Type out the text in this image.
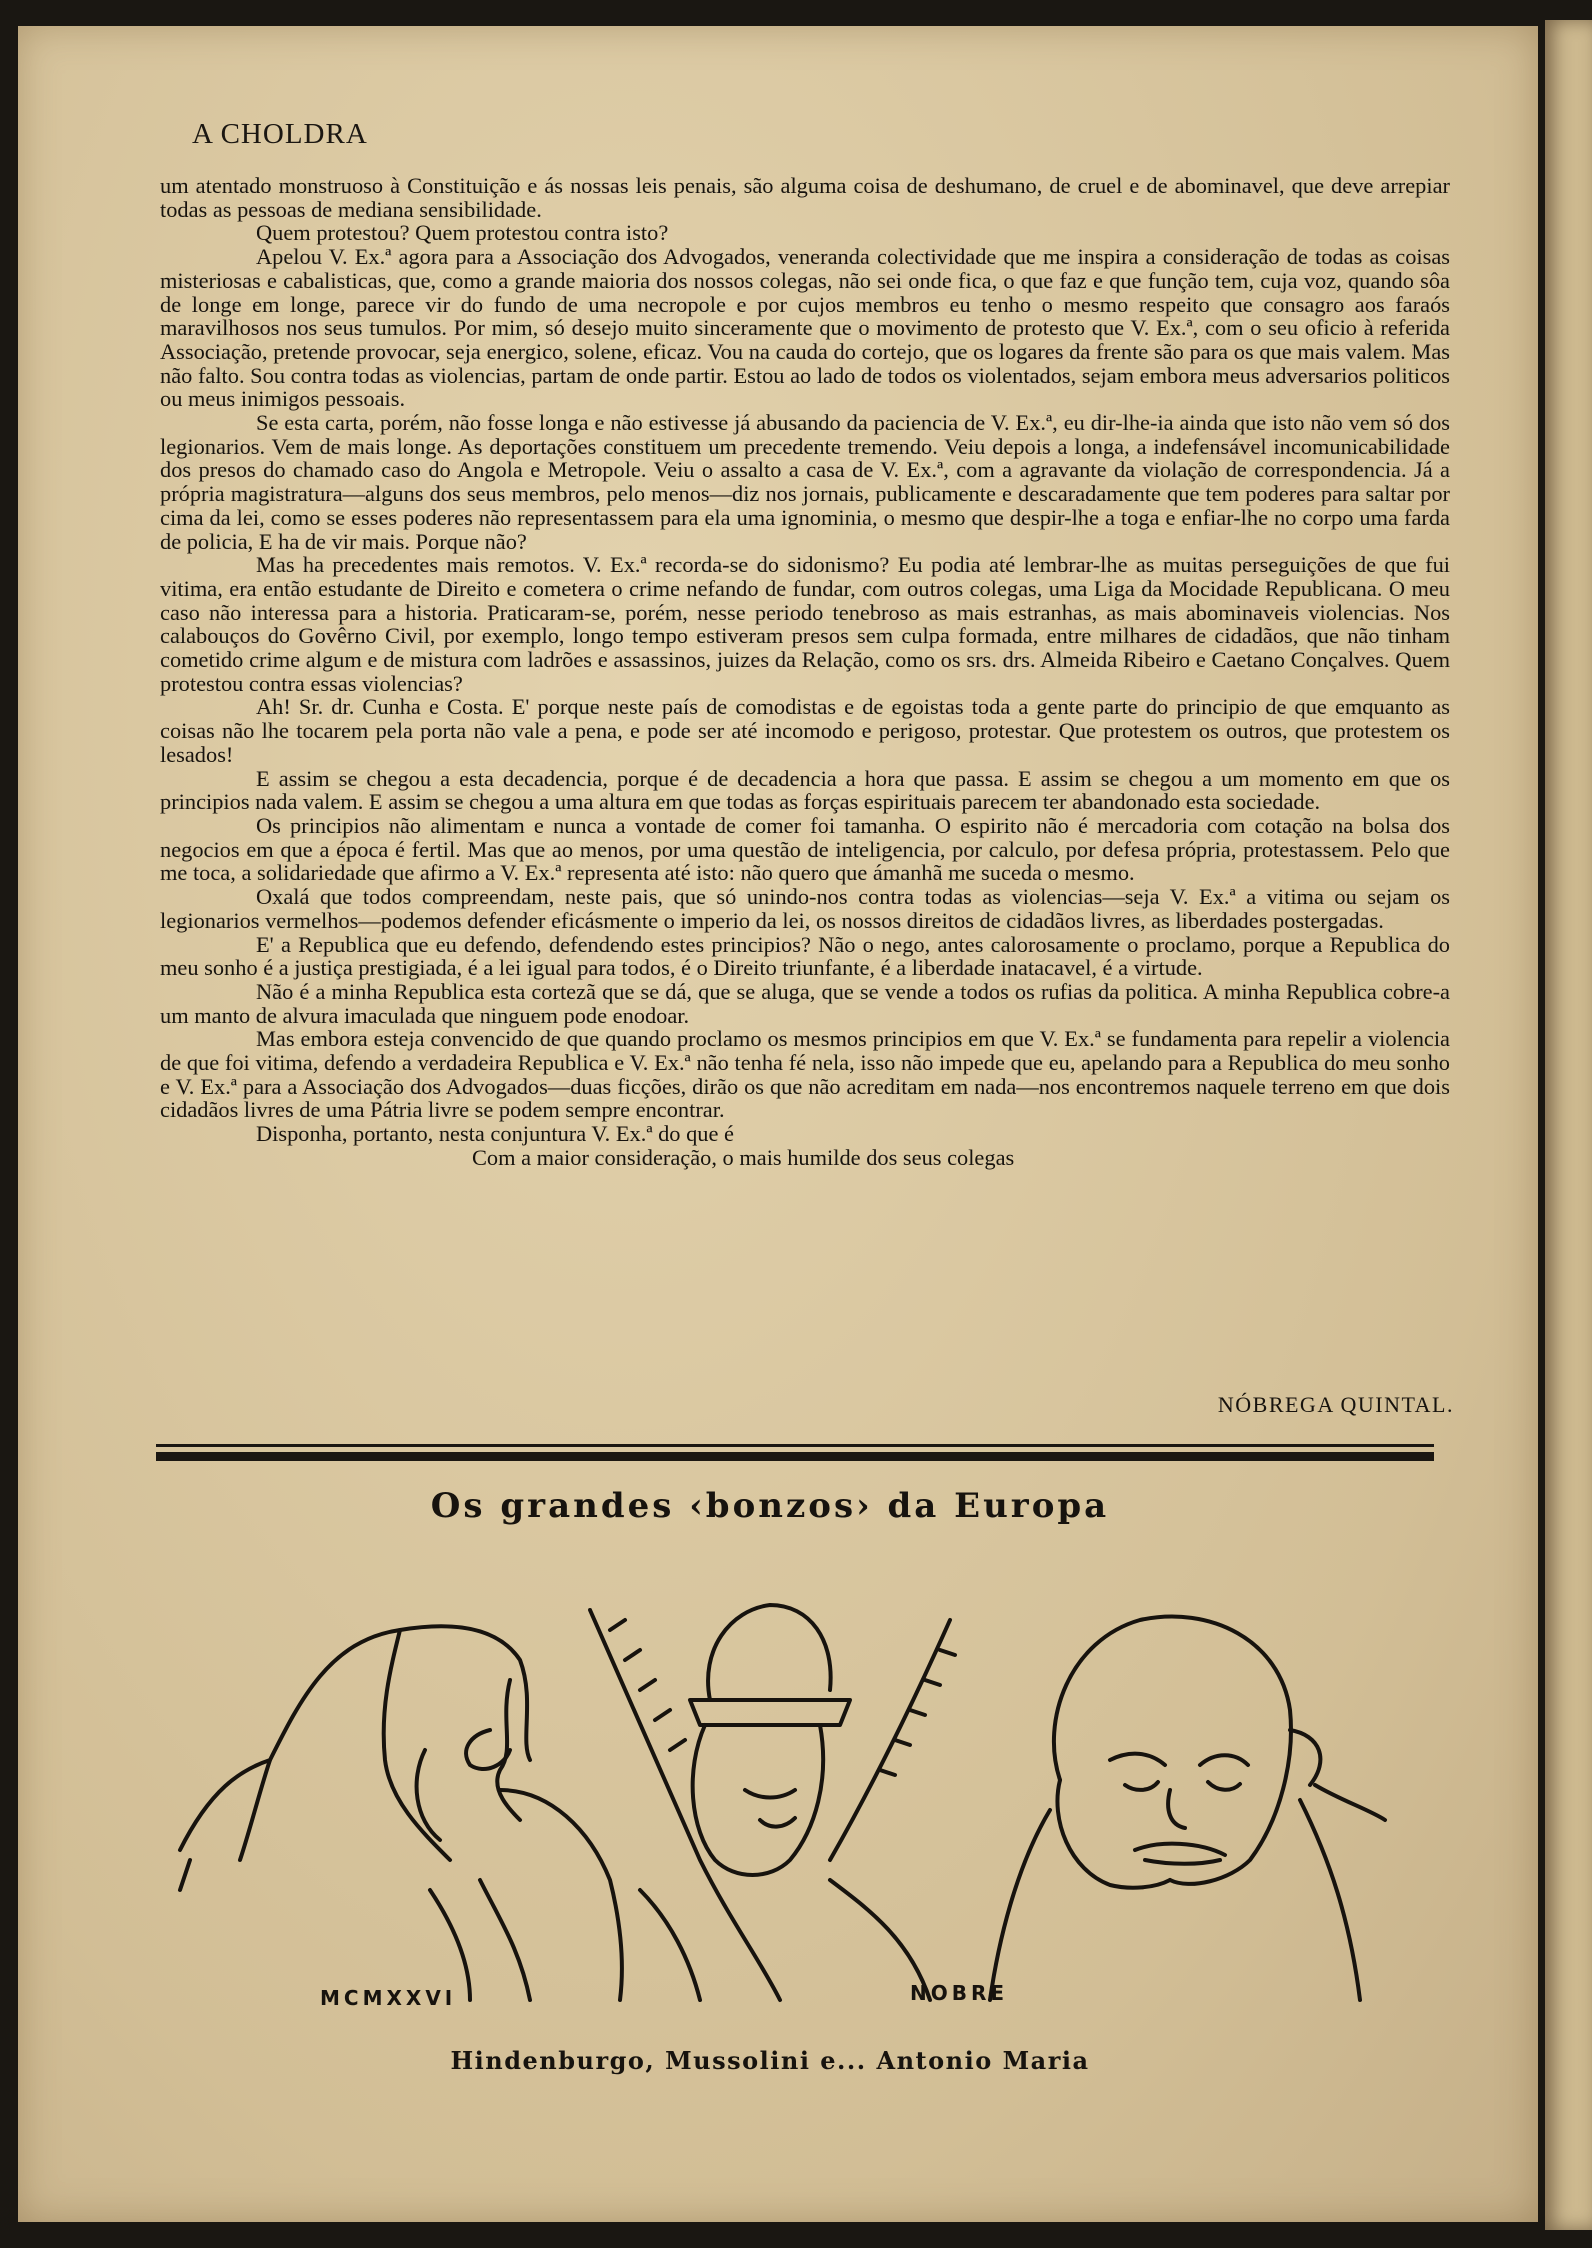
A CHOLDRA

um atentado monstruoso à Constituição e ás nossas leis penais, são alguma coisa de deshumano, de cruel e de abominavel, que deve arrepiar todas as pessoas de mediana sensibilidade.

Quem protestou? Quem protestou contra isto?

Apelou V. Ex.ª agora para a Associação dos Advogados, veneranda colectividade que me inspira a consideração de todas as coisas misteriosas e cabalisticas, que, como a grande maioria dos nossos colegas, não sei onde fica, o que faz e que função tem, cuja voz, quando sôa de longe em longe, parece vir do fundo de uma necropole e por cujos membros eu tenho o mesmo respeito que consagro aos faraós maravilhosos nos seus tumulos. Por mim, só desejo muito sinceramente que o movimento de protesto que V. Ex.ª, com o seu oficio à referida Associação, pretende provocar, seja energico, solene, eficaz. Vou na cauda do cortejo, que os logares da frente são para os que mais valem. Mas não falto. Sou contra todas as violencias, partam de onde partir. Estou ao lado de todos os violentados, sejam embora meus adversarios politicos ou meus inimigos pessoais.

Se esta carta, porém, não fosse longa e não estivesse já abusando da paciencia de V. Ex.ª, eu dir-lhe-ia ainda que isto não vem só dos legionarios. Vem de mais longe. As deportações constituem um precedente tremendo. Veiu depois a longa, a indefensável incomunicabilidade dos presos do chamado caso do Angola e Metropole. Veiu o assalto a casa de V. Ex.ª, com a agravante da violação de correspondencia. Já a própria magistratura—alguns dos seus membros, pelo menos—diz nos jornais, publicamente e descaradamente que tem poderes para saltar por cima da lei, como se esses poderes não representassem para ela uma ignominia, o mesmo que despir-lhe a toga e enfiar-lhe no corpo uma farda de policia, E ha de vir mais. Porque não?

Mas ha precedentes mais remotos. V. Ex.ª recorda-se do sidonismo? Eu podia até lembrar-lhe as muitas perseguições de que fui vitima, era então estudante de Direito e cometera o crime nefando de fundar, com outros colegas, uma Liga da Mocidade Republicana. O meu caso não interessa para a historia. Praticaram-se, porém, nesse periodo tenebroso as mais estranhas, as mais abominaveis violencias. Nos calabouços do Govêrno Civil, por exemplo, longo tempo estiveram presos sem culpa formada, entre milhares de cidadãos, que não tinham cometido crime algum e de mistura com ladrões e assassinos, juizes da Relação, como os srs. drs. Almeida Ribeiro e Caetano Conçalves. Quem protestou contra essas violencias?

Ah! Sr. dr. Cunha e Costa. E' porque neste país de comodistas e de egoistas toda a gente parte do principio de que emquanto as coisas não lhe tocarem pela porta não vale a pena, e pode ser até incomodo e perigoso, protestar. Que protestem os outros, que protestem os lesados!

E assim se chegou a esta decadencia, porque é de decadencia a hora que passa. E assim se chegou a um momento em que os principios nada valem. E assim se chegou a uma altura em que todas as forças espirituais parecem ter abandonado esta sociedade.

Os principios não alimentam e nunca a vontade de comer foi tamanha. O espirito não é mercadoria com cotação na bolsa dos negocios em que a época é fertil. Mas que ao menos, por uma questão de inteligencia, por calculo, por defesa própria, protestassem. Pelo que me toca, a solidariedade que afirmo a V. Ex.ª representa até isto: não quero que ámanhã me suceda o mesmo.

Oxalá que todos compreendam, neste pais, que só unindo-nos contra todas as violencias—seja V. Ex.ª a vitima ou sejam os legionarios vermelhos—podemos defender eficásmente o imperio da lei, os nossos direitos de cidadãos livres, as liberdades postergadas.

E' a Republica que eu defendo, defendendo estes principios? Não o nego, antes calorosamente o proclamo, porque a Republica do meu sonho é a justiça prestigiada, é a lei igual para todos, é o Direito triunfante, é a liberdade inatacavel, é a virtude.

Não é a minha Republica esta cortezã que se dá, que se aluga, que se vende a todos os rufias da politica. A minha Republica cobre-a um manto de alvura imaculada que ninguem pode enodoar.

Mas embora esteja convencido de que quando proclamo os mesmos principios em que V. Ex.ª se fundamenta para repelir a violencia de que foi vitima, defendo a verdadeira Republica e V. Ex.ª não tenha fé nela, isso não impede que eu, apelando para a Republica do meu sonho e V. Ex.ª para a Associação dos Advogados—duas ficções, dirão os que não acreditam em nada—nos encontremos naquele terreno em que dois cidadãos livres de uma Pátria livre se podem sempre encontrar.

Disponha, portanto, nesta conjuntura V. Ex.ª do que é

Com a maior consideração, o mais humilde dos seus colegas

NÓBREGA QUINTAL.
Os grandes ‹bonzos› da Europa
MCMXXVI	NOBRE
Hindenburgo, Mussolini e... Antonio Maria
